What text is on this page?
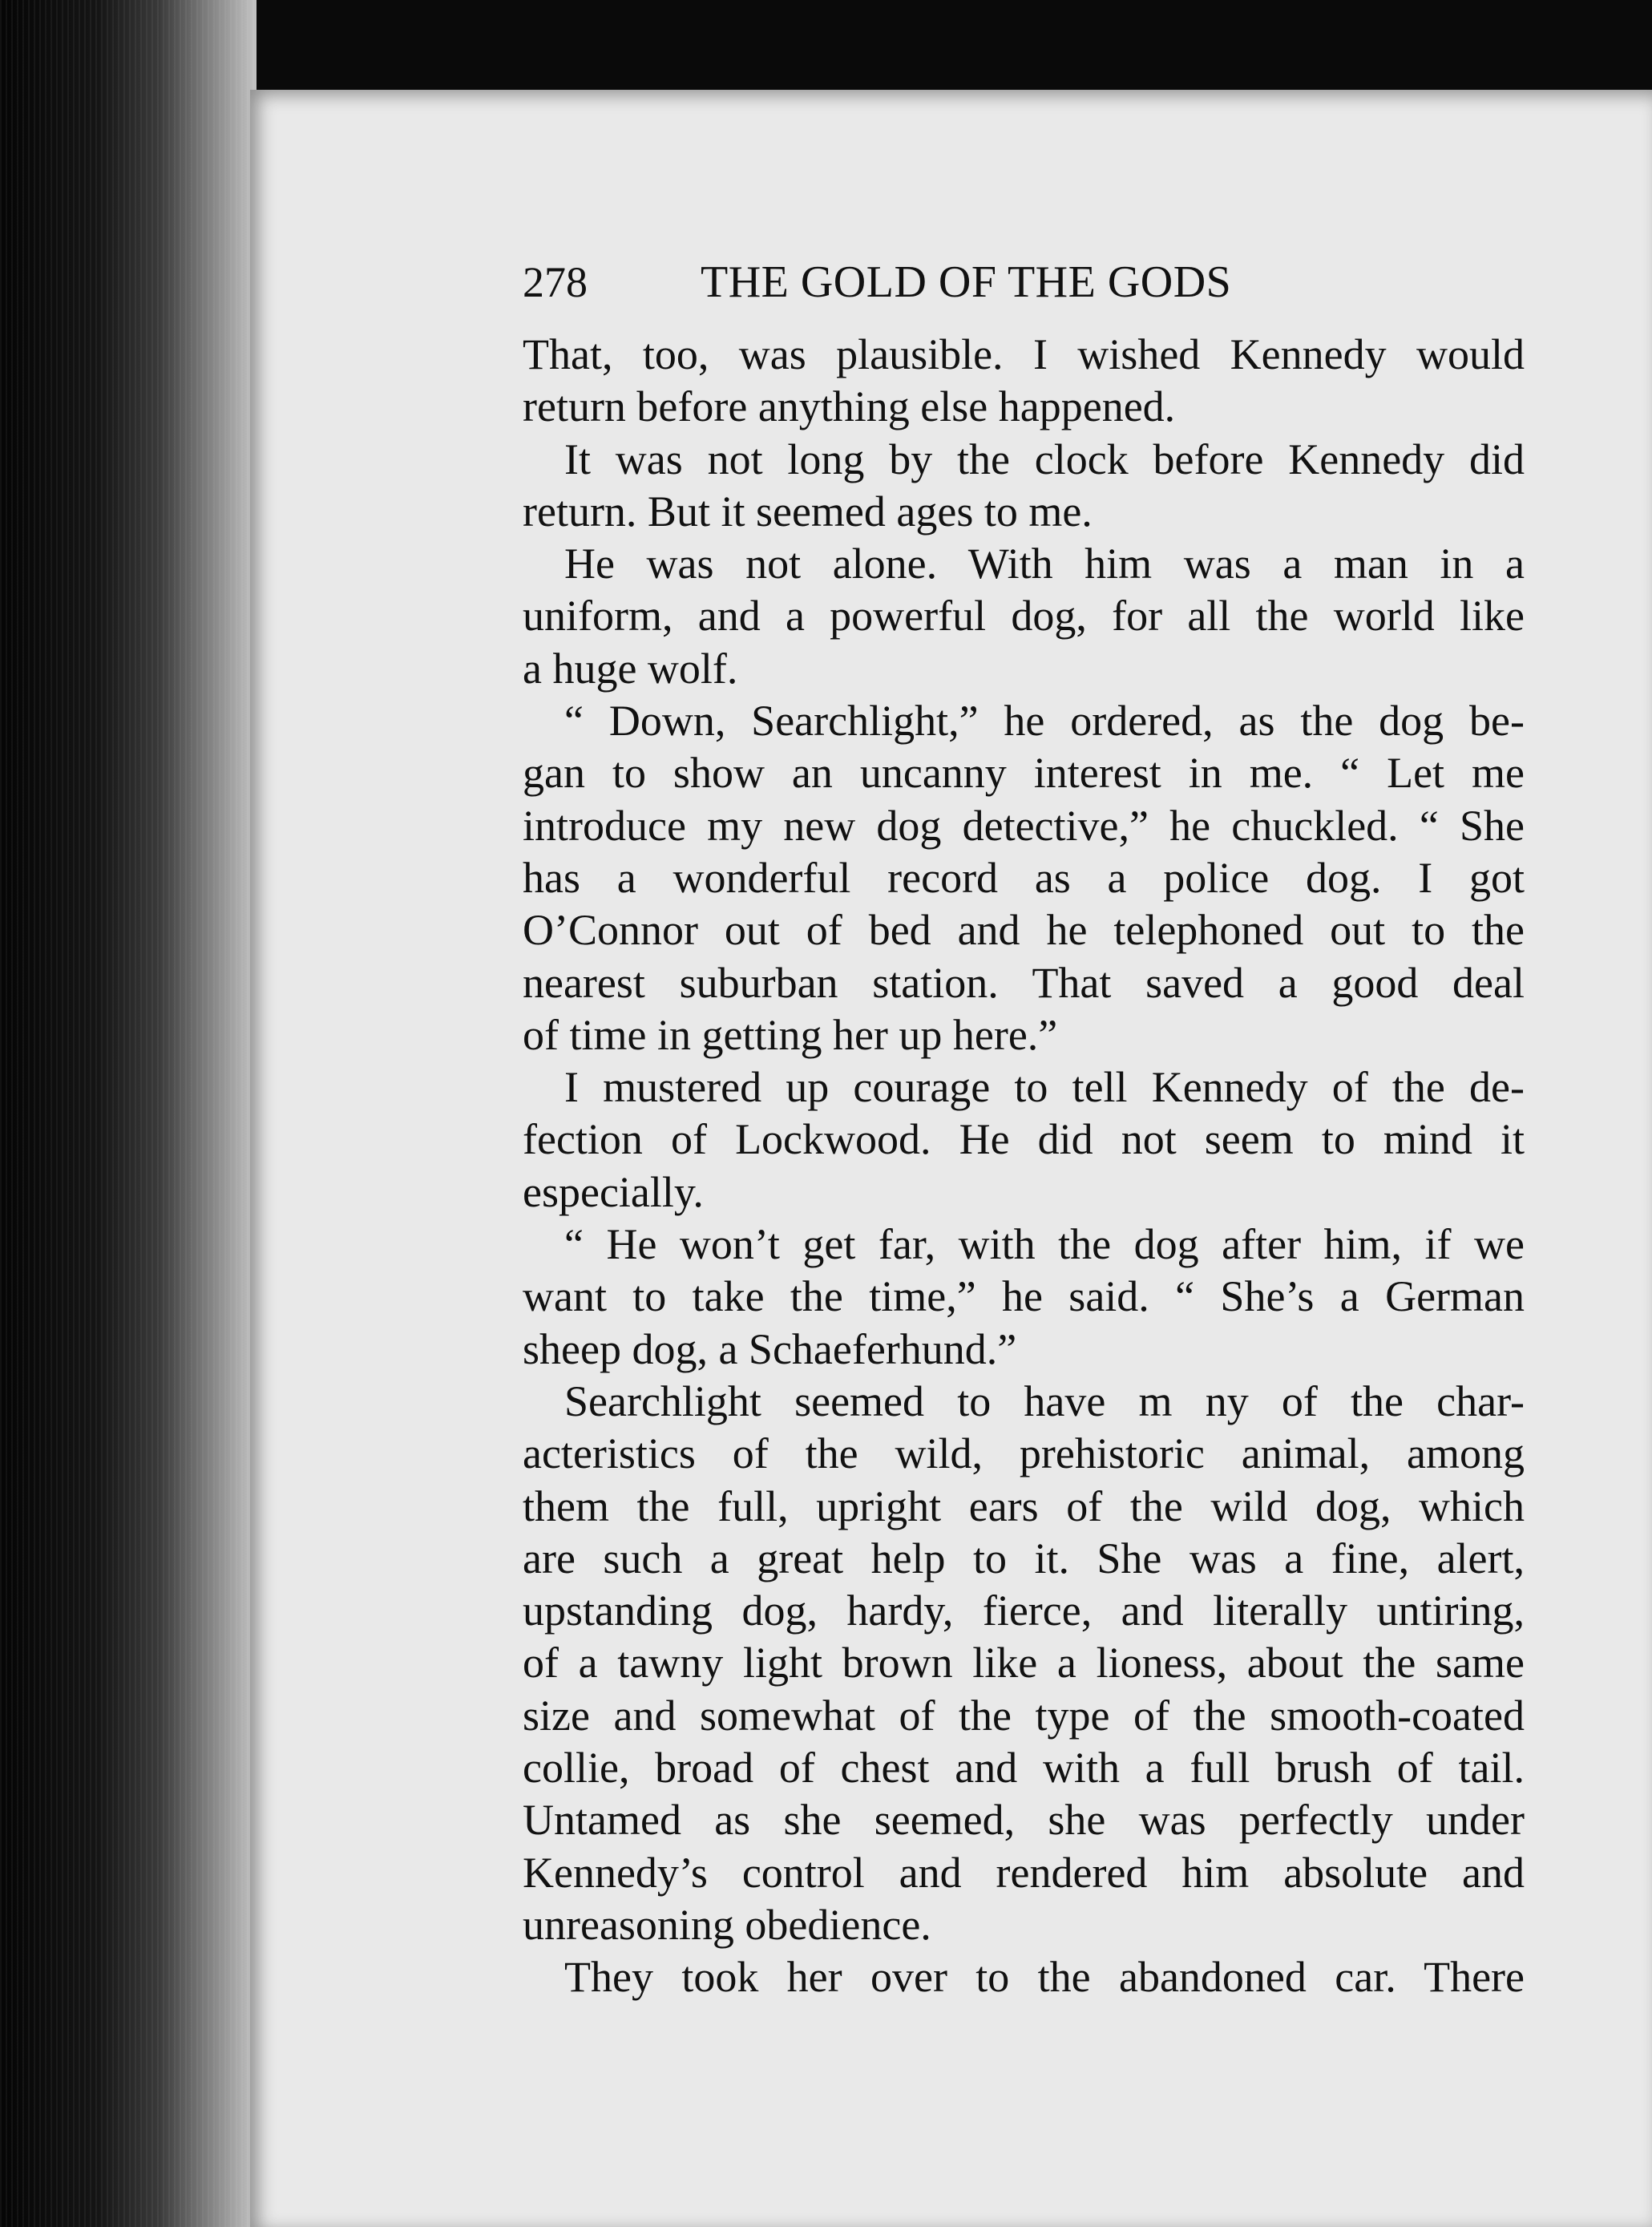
278	THE GOLD OF THE GODS
That, too, was plausible. I wished Kennedy would
return before anything else happened.
It was not long by the clock before Kennedy did
return. But it seemed ages to me.
He was not alone. With him was a man in a
uniform, and a powerful dog, for all the world like
a huge wolf.
“ Down, Searchlight,” he ordered, as the dog be-
gan to show an uncanny interest in me. “ Let me
introduce my new dog detective,” he chuckled. “ She
has a wonderful record as a police dog. I got
O’Connor out of bed and he telephoned out to the
nearest suburban station. That saved a good deal
of time in getting her up here.”
I mustered up courage to tell Kennedy of the de-
fection of Lockwood. He did not seem to mind it
especially.
“ He won’t get far, with the dog after him, if we
want to take the time,” he said. “ She’s a German
sheep dog, a Schaeferhund.”
Searchlight seemed to have m ny of the char-
acteristics of the wild, prehistoric animal, among
them the full, upright ears of the wild dog, which
are such a great help to it. She was a fine, alert,
upstanding dog, hardy, fierce, and literally untiring,
of a tawny light brown like a lioness, about the same
size and somewhat of the type of the smooth-coated
collie, broad of chest and with a full brush of tail.
Untamed as she seemed, she was perfectly under
Kennedy’s control and rendered him absolute and
unreasoning obedience.
They took her over to the abandoned car. There
